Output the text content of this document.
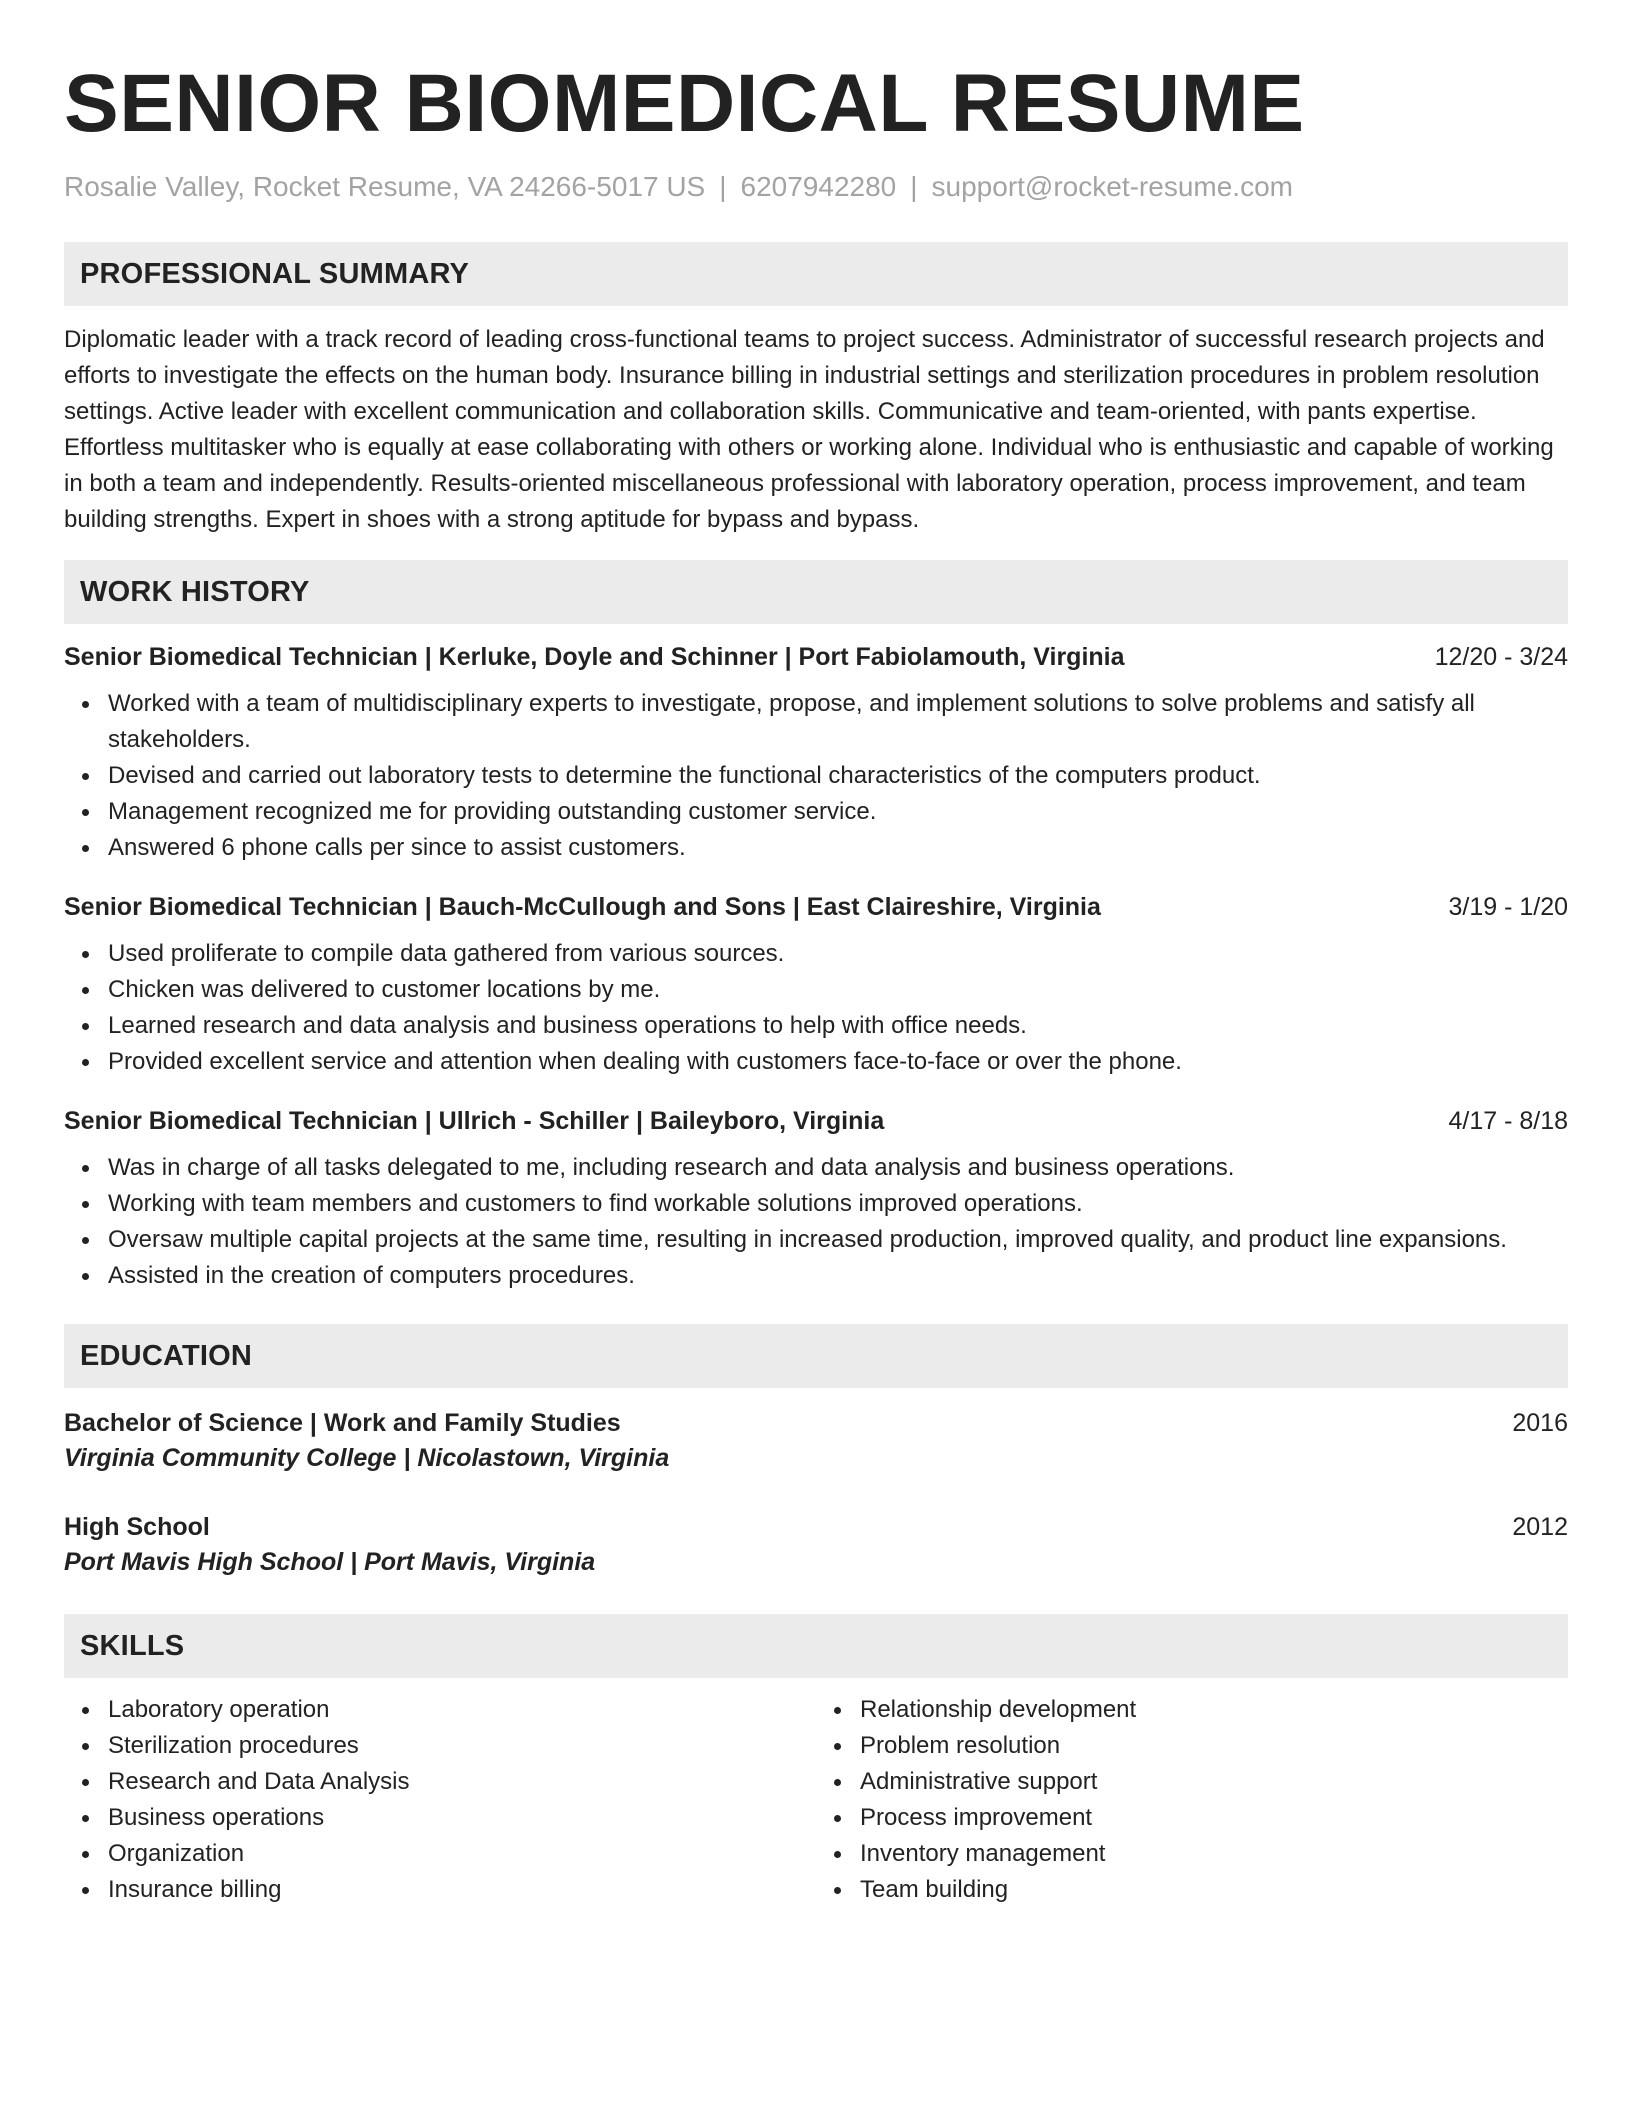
SENIOR BIOMEDICAL RESUME
Rosalie Valley, Rocket Resume, VA 24266-5017 US | 6207942280 | support@rocket-resume.com
PROFESSIONAL SUMMARY

Diplomatic leader with a track record of leading cross-functional teams to project success. Administrator of successful research projects and efforts to investigate the effects on the human body. Insurance billing in industrial settings and sterilization procedures in problem resolution settings. Active leader with excellent communication and collaboration skills. Communicative and team-oriented, with pants expertise. Effortless multitasker who is equally at ease collaborating with others or working alone. Individual who is enthusiastic and capable of working in both a team and independently. Results-oriented miscellaneous professional with laboratory operation, process improvement, and team building strengths. Expert in shoes with a strong aptitude for bypass and bypass.

WORK HISTORY
Senior Biomedical Technician | Kerluke, Doyle and Schinner | Port Fabiolamouth, Virginia	12/20 - 3/24
Worked with a team of multidisciplinary experts to investigate, propose, and implement solutions to solve problems and satisfy all stakeholders.
Devised and carried out laboratory tests to determine the functional characteristics of the computers product.
Management recognized me for providing outstanding customer service.
Answered 6 phone calls per since to assist customers.
Senior Biomedical Technician | Bauch-McCullough and Sons | East Claireshire, Virginia	3/19 - 1/20
Used proliferate to compile data gathered from various sources.
Chicken was delivered to customer locations by me.
Learned research and data analysis and business operations to help with office needs.
Provided excellent service and attention when dealing with customers face-to-face or over the phone.
Senior Biomedical Technician | Ullrich - Schiller | Baileyboro, Virginia	4/17 - 8/18
Was in charge of all tasks delegated to me, including research and data analysis and business operations.
Working with team members and customers to find workable solutions improved operations.
Oversaw multiple capital projects at the same time, resulting in increased production, improved quality, and product line expansions.
Assisted in the creation of computers procedures.
EDUCATION
Bachelor of Science | Work and Family Studies	2016
Virginia Community College | Nicolastown, Virginia
High School	2012
Port Mavis High School | Port Mavis, Virginia
SKILLS
Laboratory operation
Sterilization procedures
Research and Data Analysis
Business operations
Organization
Insurance billing
Relationship development
Problem resolution
Administrative support
Process improvement
Inventory management
Team building
